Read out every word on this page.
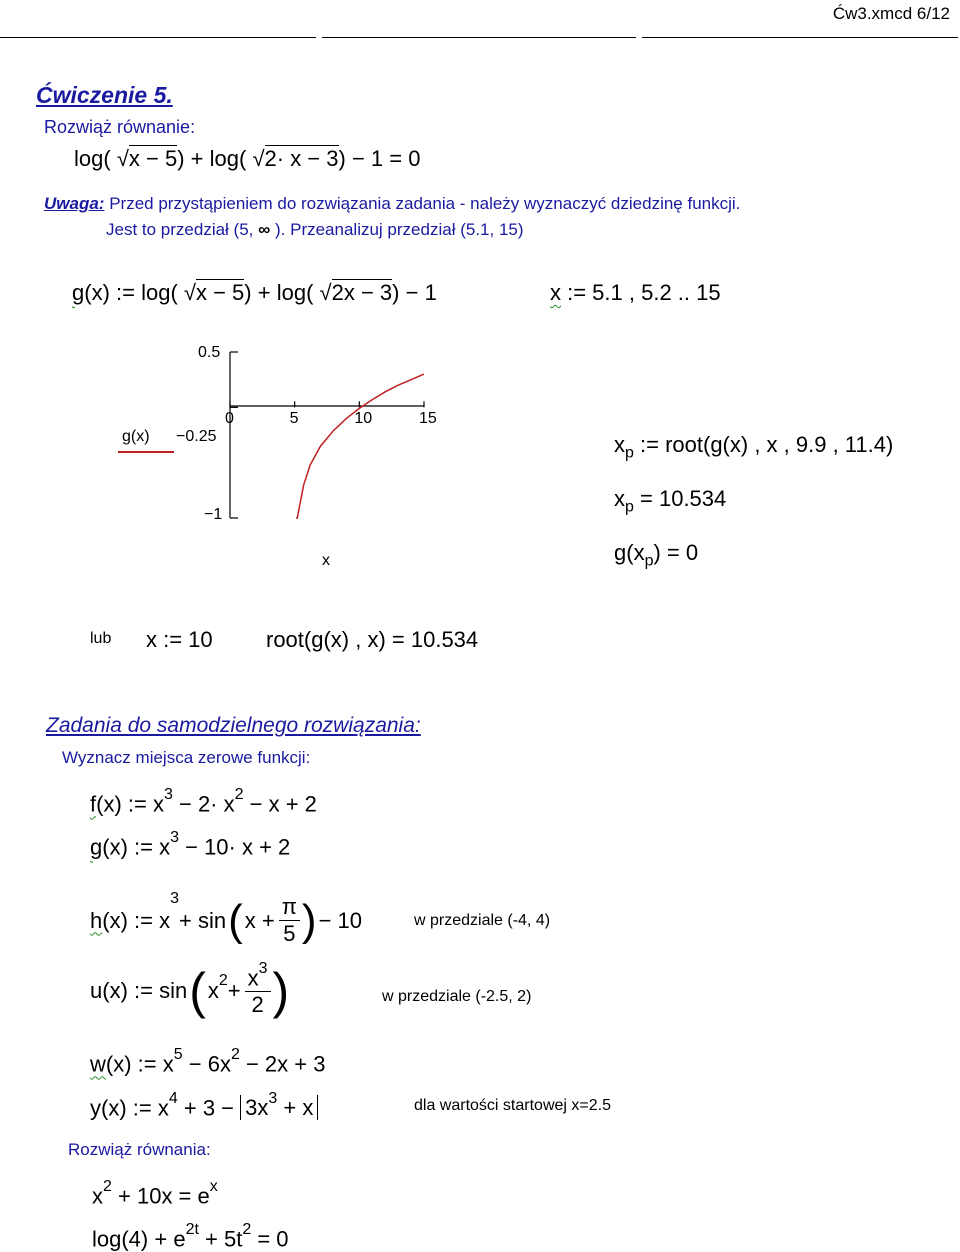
Ćw3.xmcd 6/12
Ćwiczenie 5.
Rozwiąż równanie:
log( √x − 5) + log( √2· x − 3) − 1 = 0
Uwaga: Przed przystąpieniem do rozwiązania zadania - należy wyznaczyć dziedzinę funkcji.
Jest to przedział (5, ∞ ). Przeanalizuj przedział (5.1, 15)
g(x) := log( √x − 5) + log( √2x − 3) − 1	x := 5.1 , 5.2 .. 15
0.5
g(x) −0.25
−1
x
0	5	10	15
$x_p$ := root(g(x) , x , 9.9 , 11.4)
$x_p = 10.534$
$g(x_p) = 0$
lub x := 10 root(g(x) , x) = 10.534
Zadania do samodzielnego rozwiązania:
Wyznacz miejsca zerowe funkcji:
f(x) := $x^3 - 2\cdot x^2 - x + 2$
g(x) := $x^3 - 10\cdot x + 2$
h (x) := x
$^3$
+ sin ( $x + \frac{\pi}{5}$ ) − 10	w przedziale (-4, 4)
u (x) := sin ( $x^2 + \frac{x^3}{2}$ )	w przedziale (-2.5, 2)
w(x) := $x^5 - 6x^2 - 2x + 3$
y(x) := $x^4 + 3 - 3x^3 + x$	dla wartości startowej x=2.5
Rozwiąż równania:
$x^2 + 10x = e^x$
$\log(4) + e^{2t} + 5t^2 = 0$
